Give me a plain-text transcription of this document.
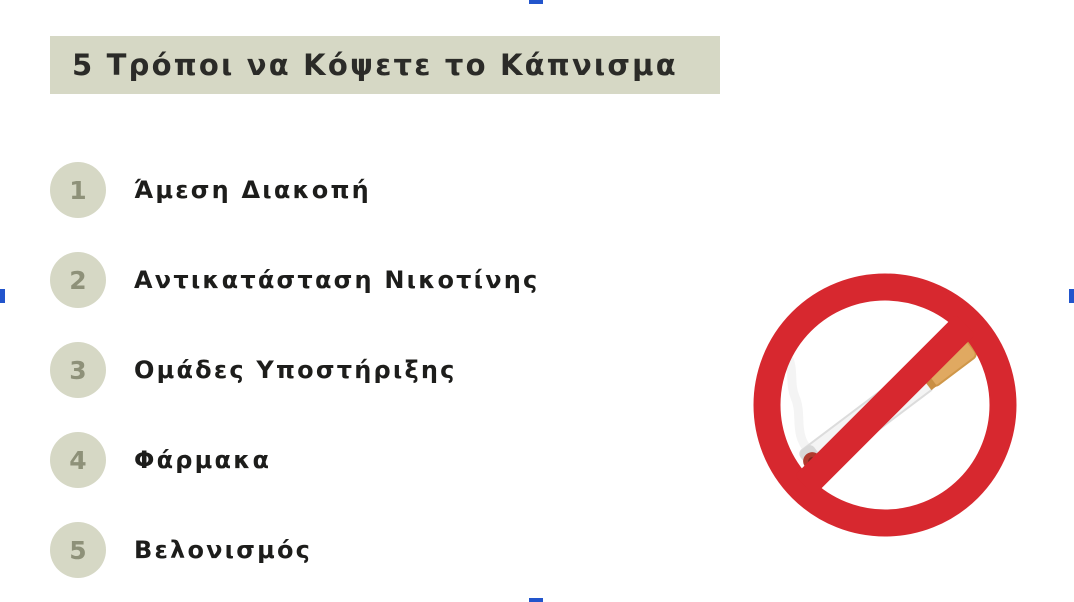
5 Τρόποι να Κόψετε το Κάπνισμα
1	Άμεση Διακοπή
2	Αντικατάσταση Νικοτίνης
3	Ομάδες Υποστήριξης
4	Φάρμακα
5	Βελονισμός
